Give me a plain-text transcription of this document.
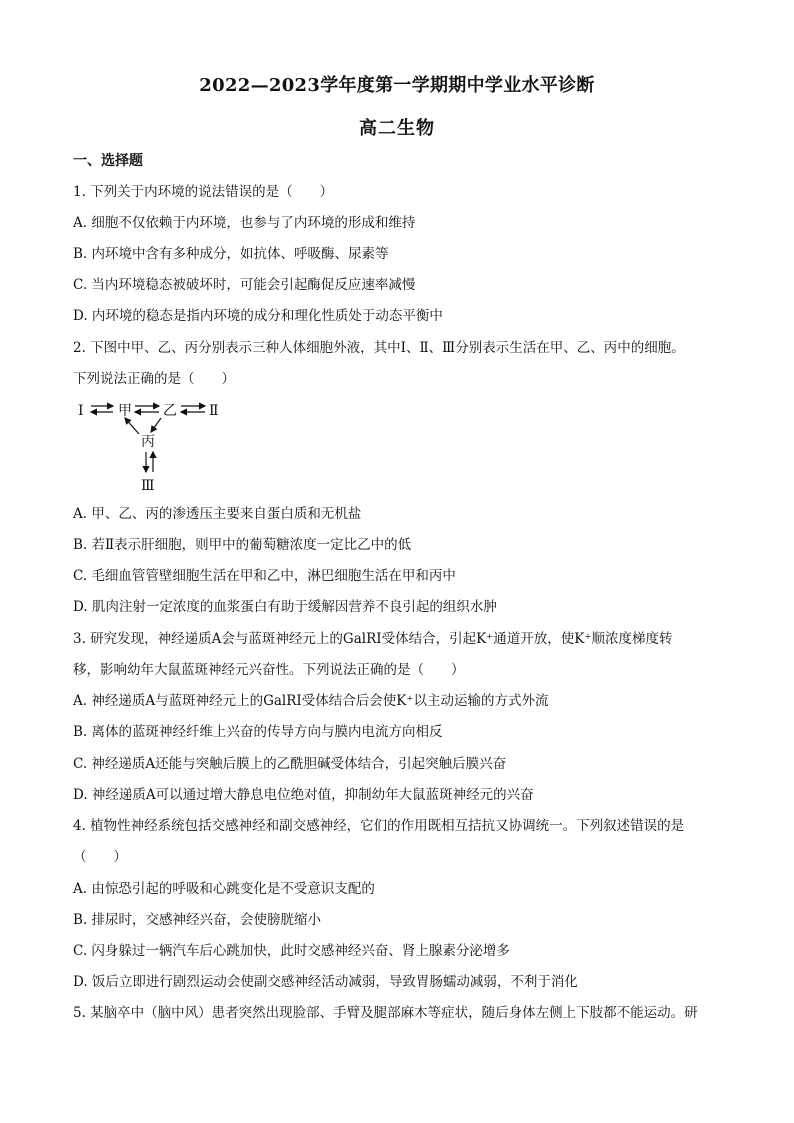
2022—2023学年度第一学期期中学业水平诊断
高二生物
一、选择题
1. 下列关于内环境的说法错误的是（　　）
A. 细胞不仅依赖于内环境，也参与了内环境的形成和维持
B. 内环境中含有多种成分，如抗体、呼吸酶、尿素等
C. 当内环境稳态被破坏时，可能会引起酶促反应速率减慢
D. 内环境的稳态是指内环境的成分和理化性质处于动态平衡中
2. 下图中甲、乙、丙分别表示三种人体细胞外液，其中Ⅰ、Ⅱ、Ⅲ分别表示生活在甲、乙、丙中的细胞。
下列说法正确的是（　　）
Ⅰ 甲 乙 Ⅱ
丙
Ⅲ
A. 甲、乙、丙的渗透压主要来自蛋白质和无机盐
B. 若Ⅱ表示肝细胞，则甲中的葡萄糖浓度一定比乙中的低
C. 毛细血管管壁细胞生活在甲和乙中，淋巴细胞生活在甲和丙中
D. 肌肉注射一定浓度的血浆蛋白有助于缓解因营养不良引起的组织水肿
3. 研究发现，神经递质A会与蓝斑神经元上的GalRI受体结合，引起K⁺通道开放，使K⁺顺浓度梯度转
移，影响幼年大鼠蓝斑神经元兴奋性。下列说法正确的是（　　）
A. 神经递质A与蓝斑神经元上的GalRI受体结合后会使K⁺以主动运输的方式外流
B. 离体的蓝斑神经纤维上兴奋的传导方向与膜内电流方向相反
C. 神经递质A还能与突触后膜上的乙酰胆碱受体结合，引起突触后膜兴奋
D. 神经递质A可以通过增大静息电位绝对值，抑制幼年大鼠蓝斑神经元的兴奋
4. 植物性神经系统包括交感神经和副交感神经，它们的作用既相互拮抗又协调统一。下列叙述错误的是
（　　）
A. 由惊恐引起的呼吸和心跳变化是不受意识支配的
B. 排尿时，交感神经兴奋，会使膀胱缩小
C. 闪身躲过一辆汽车后心跳加快，此时交感神经兴奋、肾上腺素分泌增多
D. 饭后立即进行剧烈运动会使副交感神经活动减弱，导致胃肠蠕动减弱，不利于消化
5. 某脑卒中（脑中风）患者突然出现脸部、手臂及腿部麻木等症状，随后身体左侧上下肢都不能运动。研
